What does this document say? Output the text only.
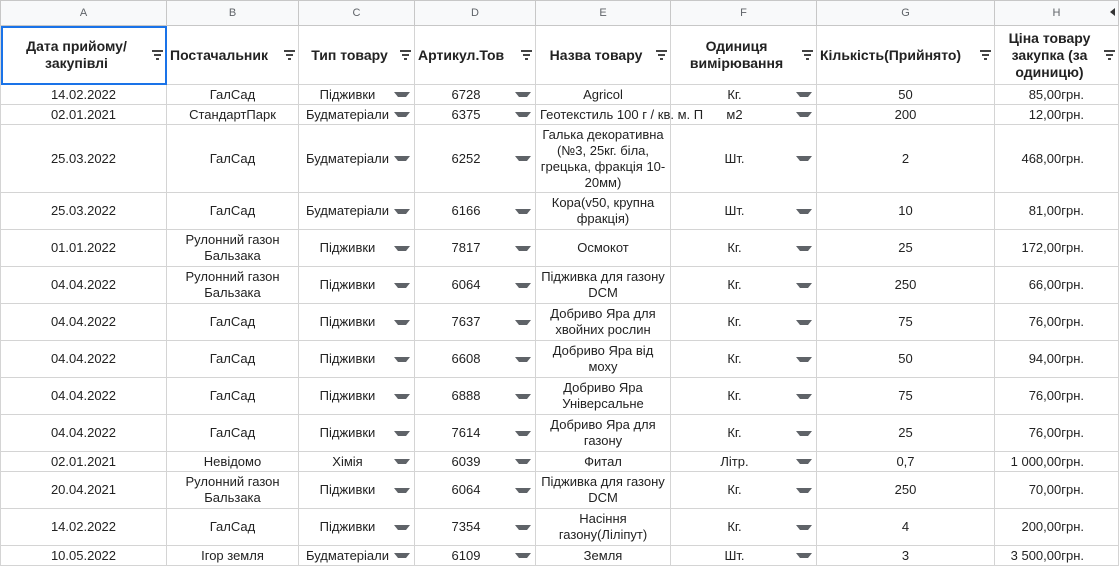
A	B	C	D	E	F	G	H

Дата прийому/закупівлі	Постачальник	Тип товару	Артикул.Тов	Назва товару	Одиниця вимірювання	Кількість(Прийнято)	Ціна товару закупка (за одиницю)

14.02.2022	ГалСад	Підживки	6728	Agricol	Кг.	50	85,00грн.
02.01.2021	СтандартПарк	Будматеріали	6375	Геотекстиль 100 г / кв. м. П	м2	200	12,00грн.
25.03.2022	ГалСад	Будматеріали	6252	Галька декоративна (№3, 25кг. біла, грецька, фракція 10-20мм)	Шт.	2	468,00грн.
25.03.2022	ГалСад	Будматеріали	6166	Кора(v50, крупна фракція)	Шт.	10	81,00грн.
01.01.2022	Рулонний газон Бальзака	Підживки	7817	Осмокот	Кг.	25	172,00грн.
04.04.2022	Рулонний газон Бальзака	Підживки	6064	Підживка для газону DCM	Кг.	250	66,00грн.
04.04.2022	ГалСад	Підживки	7637	Добриво Яра для хвойних рослин	Кг.	75	76,00грн.
04.04.2022	ГалСад	Підживки	6608	Добриво Яра від моху	Кг.	50	94,00грн.
04.04.2022	ГалСад	Підживки	6888	Добриво Яра Універсальне	Кг.	75	76,00грн.
04.04.2022	ГалСад	Підживки	7614	Добриво Яра для газону	Кг.	25	76,00грн.
02.01.2021	Невідомо	Хімія	6039	Фитал	Літр.	0,7	1 000,00грн.
20.04.2021	Рулонний газон Бальзака	Підживки	6064	Підживка для газону DCM	Кг.	250	70,00грн.
14.02.2022	ГалСад	Підживки	7354	Насіння газону(Ліліпут)	Кг.	4	200,00грн.
10.05.2022	Ігор земля	Будматеріали	6109	Земля	Шт.	3	3 500,00грн.
